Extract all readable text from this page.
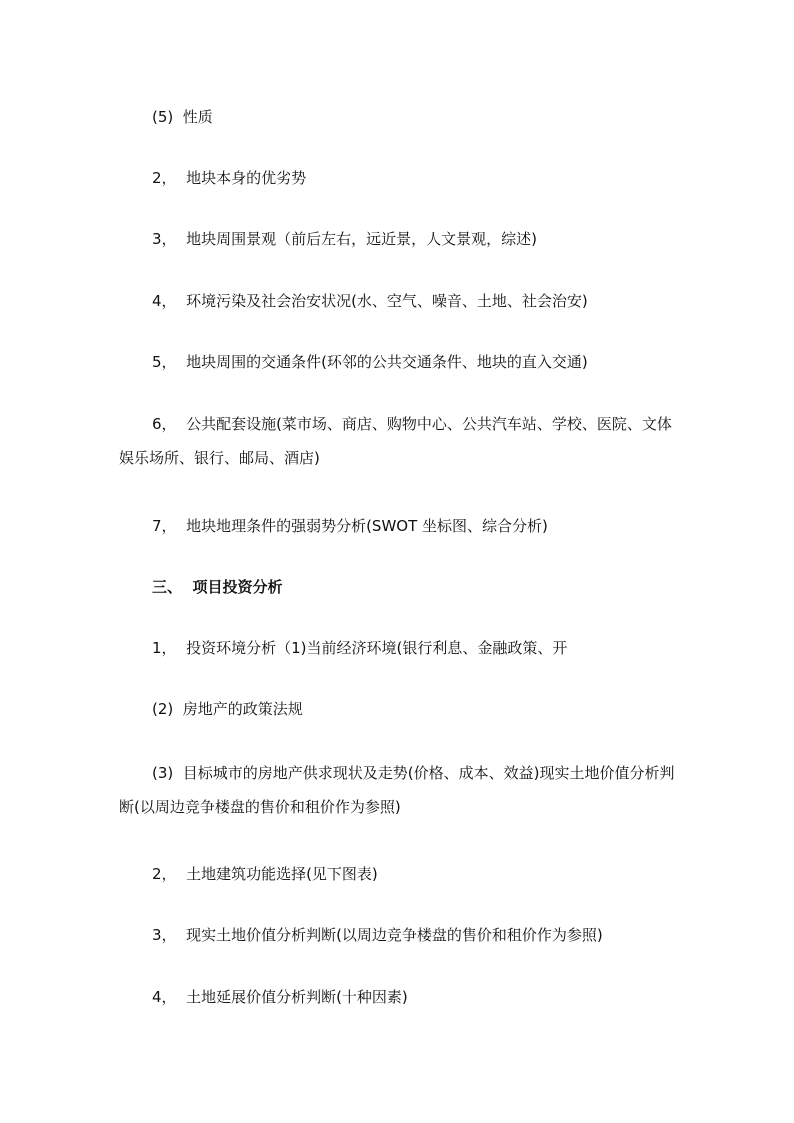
(5)  性质

2，  地块本身的优劣势

3，  地块周围景观（前后左右，远近景，人文景观，综述)

4，  环境污染及社会治安状况(水、空气、噪音、土地、社会治安)

5，  地块周围的交通条件(环邻的公共交通条件、地块的直入交通)

6，  公共配套设施(菜市场、商店、购物中心、公共汽车站、学校、医院、文体娱乐场所、银行、邮局、酒店)

7，  地块地理条件的强弱势分析(SWOT 坐标图、综合分析)

三、  项目投资分析

1，  投资环境分析（1)当前经济环境(银行利息、金融政策、开

(2)  房地产的政策法规

(3)  目标城市的房地产供求现状及走势(价格、成本、效益)现实土地价值分析判断(以周边竞争楼盘的售价和租价作为参照)

2，  土地建筑功能选择(见下图表)

3，  现实土地价值分析判断(以周边竞争楼盘的售价和租价作为参照)

4，  土地延展价值分析判断(十种因素)
